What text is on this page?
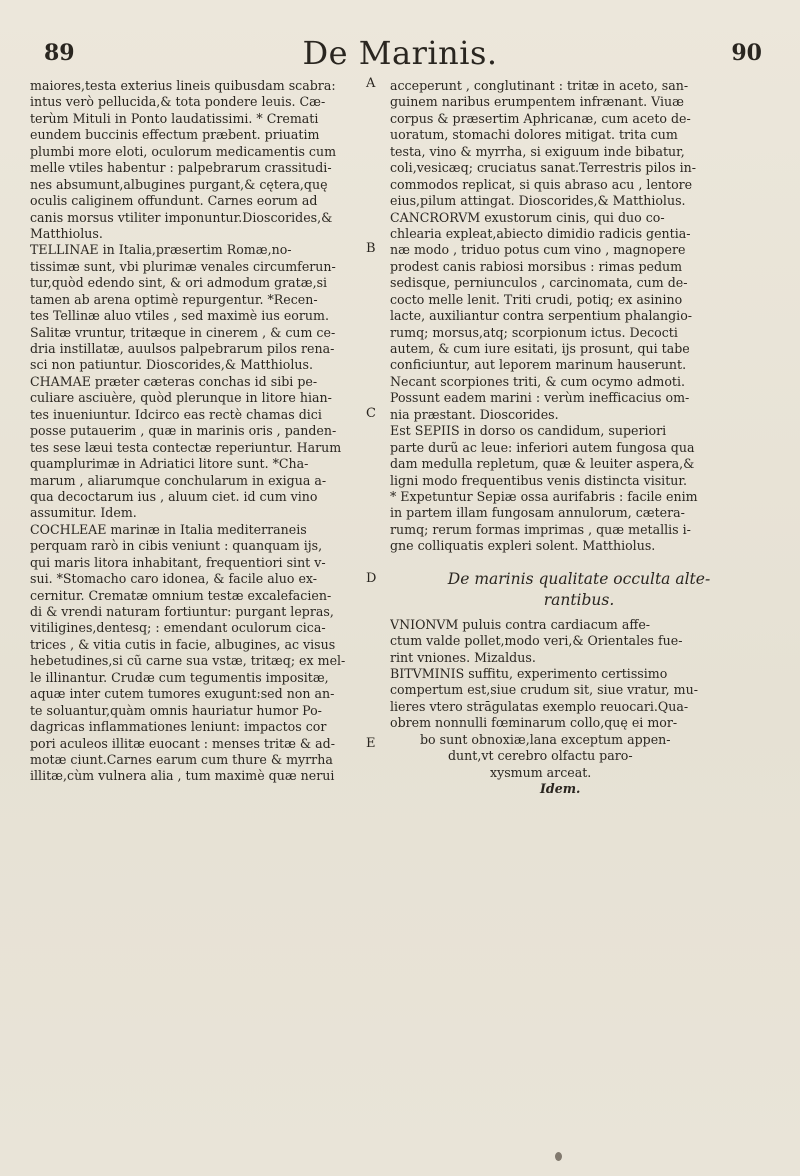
89	De Marinis.	90
maiores,testa exterius lineis quibusdam scabra:
intus verò pellucida,& tota pondere leuis. Cæ-
terùm Mituli in Ponto laudatissimi. * Cremati
eundem buccinis effectum præbent. priuatim
plumbi more eloti, oculorum medicamentis cum
melle vtiles habentur : palpebrarum crassitudi-
nes absumunt,albugines purgant,& cętera,quę
oculis caliginem offundunt. Carnes eorum ad
canis morsus vtiliter imponuntur.Dioscorides,&
Matthiolus.
TELLINAE in Italia,præsertim Romæ,no-
tissimæ sunt, vbi plurimæ venales circumferun-
tur,quòd edendo sint, & ori admodum gratæ,si
tamen ab arena optimè repurgentur. *Recen-
tes Tellinæ aluo vtiles , sed maximè ius eorum.
Salitæ vruntur, tritæque in cinerem , & cum ce-
dria instillatæ, auulsos palpebrarum pilos rena-
sci non patiuntur. Dioscorides,& Matthiolus.
CHAMAE præter cæteras conchas id sibi pe-
culiare asciuère, quòd plerunque in litore hian-
tes inueniuntur. Idcirco eas rectè chamas dici
posse putauerim , quæ in marinis oris , panden-
tes sese læui testa contectæ reperiuntur. Harum
quamplurimæ in Adriatici litore sunt. *Cha-
marum , aliarumque conchularum in exigua a-
qua decoctarum ius , aluum ciet. id cum vino
assumitur. Idem.
COCHLEAE marinæ in Italia mediterraneis
perquam rarò in cibis veniunt : quanquam ijs,
qui maris litora inhabitant, frequentiori sint v-
sui. *Stomacho caro idonea, & facile aluo ex-
cernitur. Crematæ omnium testæ excalefacien-
di & vrendi naturam fortiuntur: purgant lepras,
vitiligines,dentesq; : emendant oculorum cica-
trices , & vitia cutis in facie, albugines, ac visus
hebetudines,si cũ carne sua vstæ, tritæq; ex mel-
le illinantur. Crudæ cum tegumentis impositæ,
aquæ inter cutem tumores exugunt:sed non an-
te soluantur,quàm omnis hauriatur humor Po-
dagricas inflammationes leniunt: impactos cor
pori aculeos illitæ euocant : menses tritæ & ad-
motæ ciunt.Carnes earum cum thure & myrrha
illitæ,cùm vulnera alia , tum maximè quæ nerui
acceperunt , conglutinant : tritæ in aceto, san-
guinem naribus erumpentem infrænant. Viuæ
corpus & præsertim Aphricanæ, cum aceto de-
uoratum, stomachi dolores mitigat. trita cum
testa, vino & myrrha, si exiguum inde bibatur,
coli,vesicæq; cruciatus sanat.Terrestris pilos in-
commodos replicat, si quis abraso acu , lentore
eius,pilum attingat. Dioscorides,& Matthiolus.
CANCRORVM exustorum cinis, qui duo co-
chlearia expleat,abiecto dimidio radicis gentia-
næ modo , triduo potus cum vino , magnopere
prodest canis rabiosi morsibus : rimas pedum
sedisque, perniunculos , carcinomata, cum de-
cocto melle lenit. Triti crudi, potiq; ex asinino
lacte, auxiliantur contra serpentium phalangio-
rumq; morsus,atq; scorpionum ictus. Decocti
autem, & cum iure esitati, ijs prosunt, qui tabe
conficiuntur, aut leporem marinum hauserunt.
Necant scorpiones triti, & cum ocymo admoti.
Possunt eadem marini : verùm inefficacius om-
nia præstant. Dioscorides.
Est SEPIIS in dorso os candidum, superiori
parte durũ ac leue: inferiori autem fungosa qua
dam medulla repletum, quæ & leuiter aspera,&
ligni modo frequentibus venis distincta visitur.
* Expetuntur Sepiæ ossa aurifabris : facile enim
in partem illam fungosam annulorum, cætera-
rumq; rerum formas imprimas , quæ metallis i-
gne colliquatis expleri solent. Matthiolus.
De marinis qualitate occulta alte-
rantibus.
VNIONVM puluis contra cardiacum affe-
ctum valde pollet,modo veri,& Orientales fue-
rint vniones. Mizaldus.
BITVMINIS suffitu, experimento certissimo
compertum est,siue crudum sit, siue vratur, mu-
lieres vtero strāgulatas exemplo reuocari.Qua-
obrem nonnulli fœminarum collo,quę ei mor-
bo sunt obnoxiæ,lana exceptum appen-
dunt,vt cerebro olfactu paro-
xysmum arceat.
Idem.
A
B
C
D
E
